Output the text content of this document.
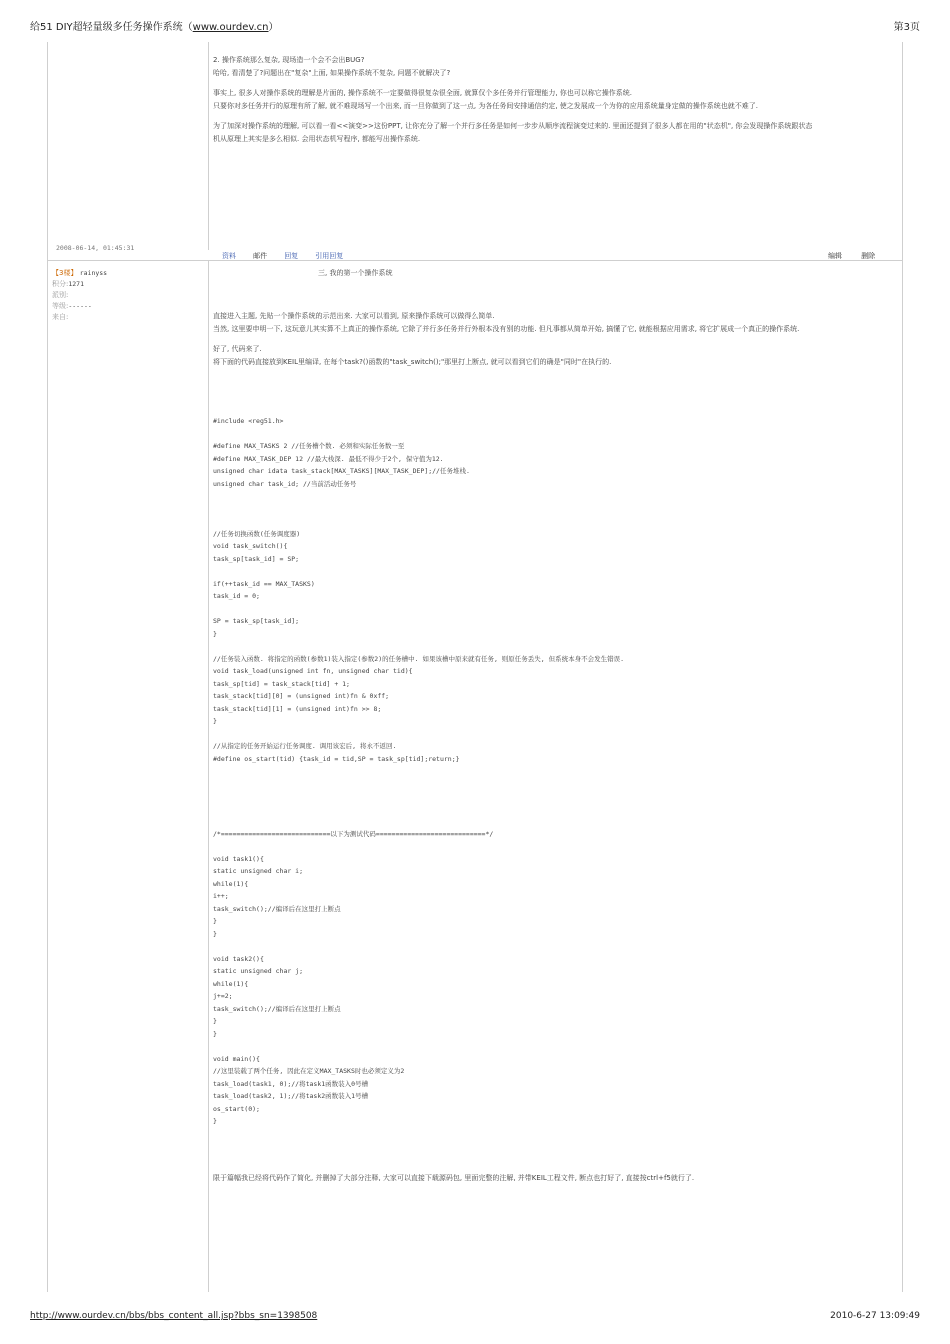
给51 DIY超轻量级多任务操作系统（www.ourdev.cn）	第3页
2. 操作系统那么复杂, 现场造一个会不会出BUG?
哈哈, 看清楚了?问题出在"复杂"上面, 如果操作系统不复杂, 问题不就解决了?
事实上, 很多人对操作系统的理解是片面的, 操作系统不一定要做得很复杂很全面, 就算仅个多任务并行管理能力, 你也可以称它操作系统.
只要你对多任务并行的原理有所了解, 就不难现场写一个出来, 而一旦你做到了这一点, 为各任务间安排通信约定, 使之发展成一个为你的应用系统量身定做的操作系统也就不难了.
为了加深对操作系统的理解, 可以看一看<<演变>>这份PPT, 让你充分了解一个并行多任务是如何一步步从顺序流程演变过来的. 里面还提到了很多人都在用的"状态机", 你会发现操作系统跟状态
机从原理上其实是多么相似. 会用状态机写程序, 都能写出操作系统.
2008-06-14, 01:45:31
资料 邮件 回复 引用回复	编辑	删除
【3楼】 rainyss
积分:1271
派别:
等级:------
来自:
三, 我的第一个操作系统
直接进入主题, 先贴一个操作系统的示范出来. 大家可以看到, 原来操作系统可以做得么简单.
当然, 这里要申明一下, 这玩意儿其实算不上真正的操作系统, 它除了并行多任务并行外根本没有别的功能. 但凡事都从简单开始, 搞懂了它, 就能根据应用需求, 将它扩展成一个真正的操作系统.
好了, 代码来了.
将下面的代码直接放到KEIL里编译, 在每个task?()函数的"task_switch();"那里打上断点, 就可以看到它们的确是"同时"在执行的.
#include <reg51.h>
#define MAX_TASKS 2 //任务槽个数. 必须和实际任务数一至
#define MAX_TASK_DEP 12 //最大栈深. 最低不得少于2个, 保守值为12.
unsigned char idata task_stack[MAX_TASKS][MAX_TASK_DEP];//任务堆栈.
unsigned char task_id; //当前活动任务号
//任务切换函数(任务调度器)
void task_switch(){
task_sp[task_id] = SP;
if(++task_id == MAX_TASKS)
task_id = 0;
SP = task_sp[task_id];
}
//任务装入函数. 将指定的函数(参数1)装入指定(参数2)的任务槽中. 如果该槽中原来就有任务, 则原任务丢失, 但系统本身不会发生错误.
void task_load(unsigned int fn, unsigned char tid){
task_sp[tid] = task_stack[tid] + 1;
task_stack[tid][0] = (unsigned int)fn & 0xff;
task_stack[tid][1] = (unsigned int)fn >> 8;
}
//从指定的任务开始运行任务调度. 调用该宏后, 将永不返回.
#define os_start(tid) {task_id = tid,SP = task_sp[tid];return;}
/*============================以下为测试代码============================*/
void task1(){
static unsigned char i;
while(1){
i++;
task_switch();//编译后在这里打上断点
}
}
void task2(){
static unsigned char j;
while(1){
j+=2;
task_switch();//编译后在这里打上断点
}
}
void main(){
//这里装载了两个任务, 因此在定义MAX_TASKS时也必须定义为2
task_load(task1, 0);//将task1函数装入0号槽
task_load(task2, 1);//将task2函数装入1号槽
os_start(0);
}
限于篇幅我已经将代码作了简化, 并删掉了大部分注释, 大家可以直接下载源码包, 里面完整的注解, 并带KEIL工程文件, 断点也打好了, 直接按ctrl+f5就行了.
http://www.ourdev.cn/bbs/bbs_content_all.jsp?bbs_sn=1398508	2010-6-27 13:09:49
